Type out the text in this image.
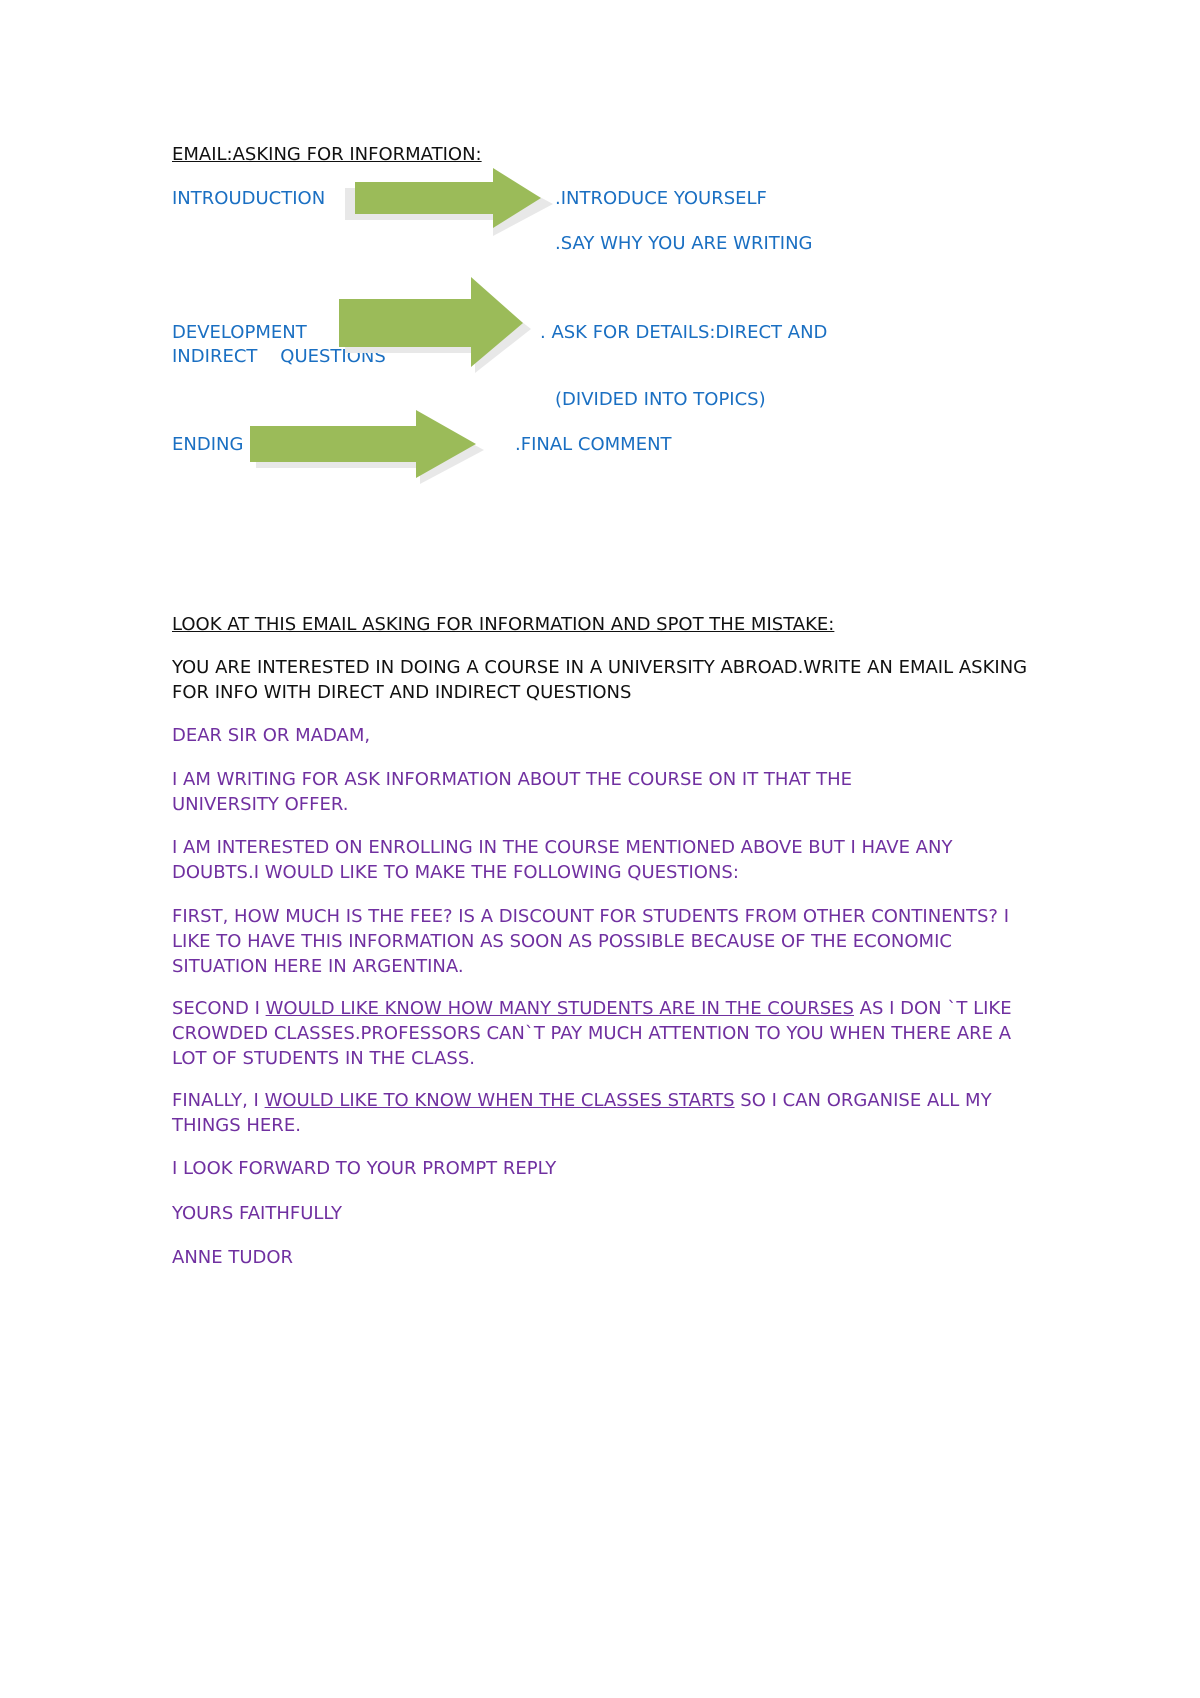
EMAIL:ASKING FOR INFORMATION:
INTROUDUCTION	.INTRODUCE YOURSELF
.SAY WHY YOU ARE WRITING
DEVELOPMENT
INDIRECT    QUESTIONS
. ASK FOR DETAILS:DIRECT AND
(DIVIDED INTO TOPICS)
ENDING	.FINAL COMMENT
LOOK AT THIS EMAIL ASKING FOR INFORMATION AND SPOT THE MISTAKE:
YOU ARE INTERESTED IN DOING A COURSE IN A UNIVERSITY ABROAD.WRITE AN EMAIL ASKING FOR INFO WITH DIRECT AND INDIRECT QUESTIONS
DEAR SIR OR MADAM,
I AM WRITING FOR ASK INFORMATION ABOUT THE COURSE ON IT THAT THE UNIVERSITY OFFER.
I AM INTERESTED ON ENROLLING IN THE COURSE MENTIONED ABOVE BUT I HAVE ANY DOUBTS.I WOULD LIKE TO MAKE THE FOLLOWING QUESTIONS:
FIRST, HOW MUCH IS THE FEE? IS A DISCOUNT FOR STUDENTS FROM OTHER CONTINENTS? I LIKE TO HAVE THIS INFORMATION AS SOON AS POSSIBLE BECAUSE OF THE ECONOMIC SITUATION HERE IN ARGENTINA.
SECOND I WOULD LIKE KNOW HOW MANY STUDENTS ARE IN THE COURSES AS I DON `T LIKE CROWDED CLASSES.PROFESSORS CAN`T PAY MUCH ATTENTION TO YOU WHEN THERE ARE A LOT OF STUDENTS IN THE CLASS.
FINALLY, I WOULD LIKE TO KNOW WHEN THE CLASSES STARTS SO I CAN ORGANISE ALL MY THINGS HERE.
I LOOK FORWARD TO YOUR PROMPT REPLY
YOURS FAITHFULLY
ANNE TUDOR
